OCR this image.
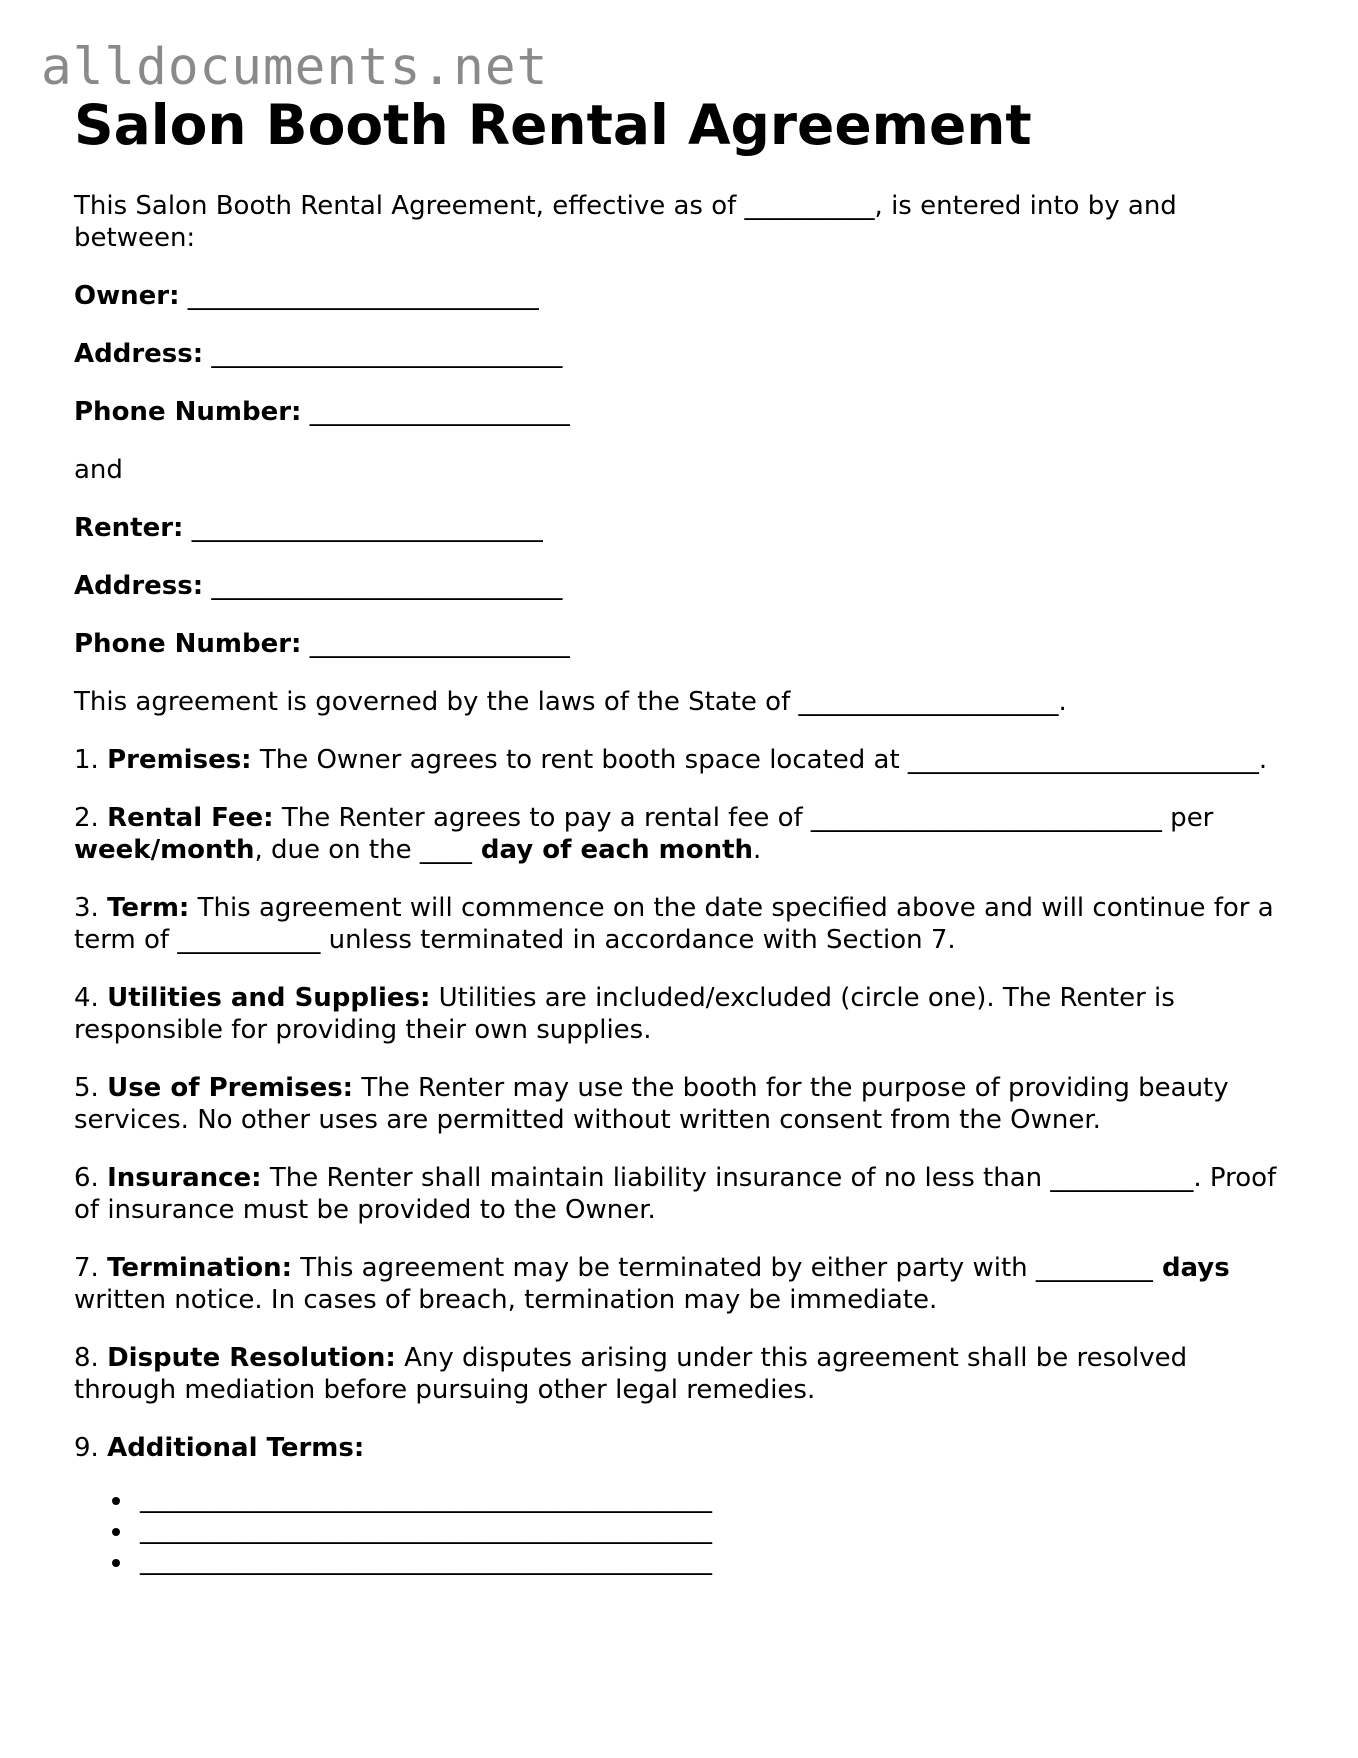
alldocuments.net
Salon Booth Rental Agreement

This Salon Booth Rental Agreement, effective as of __________, is entered into by and between:

Owner: ___________________________

Address: ___________________________

Phone Number: ____________________

and

Renter: ___________________________

Address: ___________________________

Phone Number: ____________________

This agreement is governed by the laws of the State of ____________________.

1. Premises: The Owner agrees to rent booth space located at ___________________________.

2. Rental Fee: The Renter agrees to pay a rental fee of ___________________________ per week/month, due on the ____ day of each month.

3. Term: This agreement will commence on the date specified above and will continue for a term of ___________ unless terminated in accordance with Section 7.

4. Utilities and Supplies: Utilities are included/excluded (circle one). The Renter is responsible for providing their own supplies.

5. Use of Premises: The Renter may use the booth for the purpose of providing beauty services. No other uses are permitted without written consent from the Owner.

6. Insurance: The Renter shall maintain liability insurance of no less than ___________. Proof of insurance must be provided to the Owner.

7. Termination: This agreement may be terminated by either party with _________ days written notice. In cases of breach, termination may be immediate.

8. Dispute Resolution: Any disputes arising under this agreement shall be resolved through mediation before pursuing other legal remedies.

9. Additional Terms:

____________________________________________
____________________________________________
____________________________________________
